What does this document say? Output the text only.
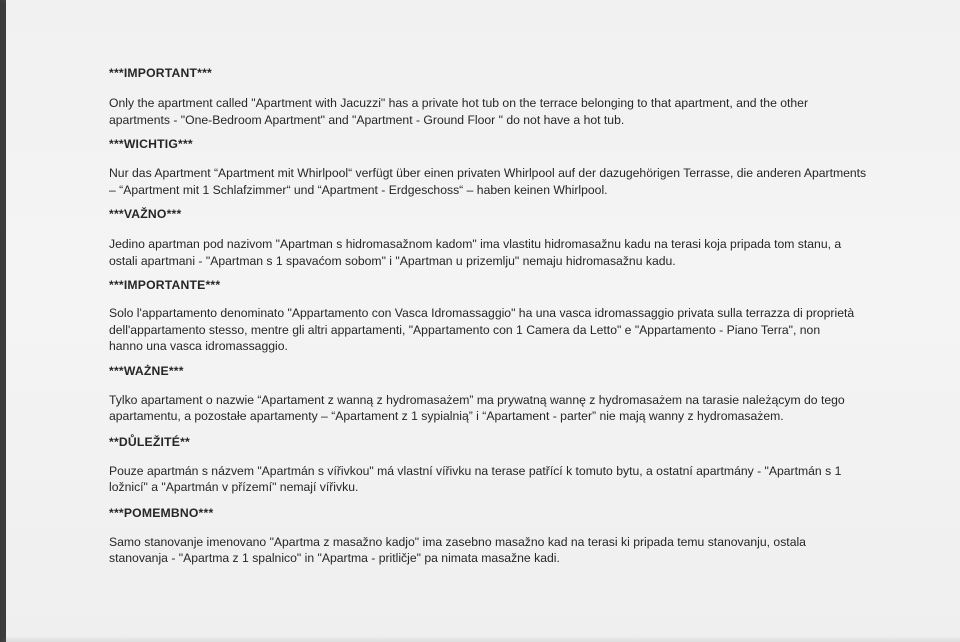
***IMPORTANT***

Only the apartment called "Apartment with Jacuzzi" has a private hot tub on the terrace belonging to that apartment, and the other apartments - "One-Bedroom Apartment" and "Apartment - Ground Floor " do not have a hot tub.

***WICHTIG***

Nur das Apartment “Apartment mit Whirlpool“ verfügt über einen privaten Whirlpool auf der dazugehörigen Terrasse, die anderen Apartments – “Apartment mit 1 Schlafzimmer“ und “Apartment - Erdgeschoss“ – haben keinen Whirlpool.

***VAŽNO***

Jedino apartman pod nazivom "Apartman s hidromasažnom kadom" ima vlastitu hidromasažnu kadu na terasi koja pripada tom stanu, a ostali apartmani - "Apartman s 1 spavaćom sobom" i "Apartman u prizemlju" nemaju hidromasažnu kadu.

***IMPORTANTE***

Solo l'appartamento denominato "Appartamento con Vasca Idromassaggio" ha una vasca idromassaggio privata sulla terrazza di proprietà dell'appartamento stesso, mentre gli altri appartamenti, "Appartamento con 1 Camera da Letto" e "Appartamento - Piano Terra", non hanno una vasca idromassaggio.

***WAŻNE***

Tylko apartament o nazwie “Apartament z wanną z hydromasażem” ma prywatną wannę z hydromasażem na tarasie należącym do tego apartamentu, a pozostałe apartamenty – “Apartament z 1 sypialnią” i “Apartament - parter” nie mają wanny z hydromasażem.

**DŮLEŽITÉ**

Pouze apartmán s názvem "Apartmán s vířivkou" má vlastní vířivku na terase patřící k tomuto bytu, a ostatní apartmány - "Apartmán s 1 ložnicí" a "Apartmán v přízemí" nemají vířivku.

***POMEMBNO***

Samo stanovanje imenovano "Apartma z masažno kadjo" ima zasebno masažno kad na terasi ki pripada temu stanovanju, ostala stanovanja - "Apartma z 1 spalnico" in "Apartma - pritličje" pa nimata masažne kadi.
